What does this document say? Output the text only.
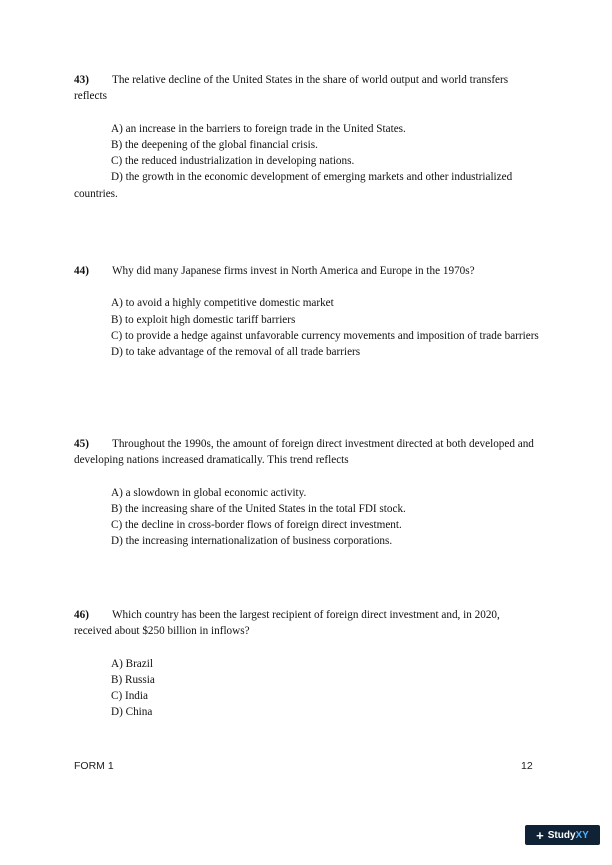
43) The relative decline of the United States in the share of world output and world transfers reflects

A) an increase in the barriers to foreign trade in the United States.

B) the deepening of the global financial crisis.

C) the reduced industrialization in developing nations.

D) the growth in the economic development of emerging markets and other industrialized countries.

44) Why did many Japanese firms invest in North America and Europe in the 1970s?

A) to avoid a highly competitive domestic market

B) to exploit high domestic tariff barriers

C) to provide a hedge against unfavorable currency movements and imposition of trade barriers

D) to take advantage of the removal of all trade barriers

45) Throughout the 1990s, the amount of foreign direct investment directed at both developed and developing nations increased dramatically. This trend reflects

A) a slowdown in global economic activity.

B) the increasing share of the United States in the total FDI stock.

C) the decline in cross-border flows of foreign direct investment.

D) the increasing internationalization of business corporations.

46) Which country has been the largest recipient of foreign direct investment and, in 2020, received about $250 billion in inflows?

A) Brazil

B) Russia

C) India

D) China

FORM 1	12
+ StudyXY
